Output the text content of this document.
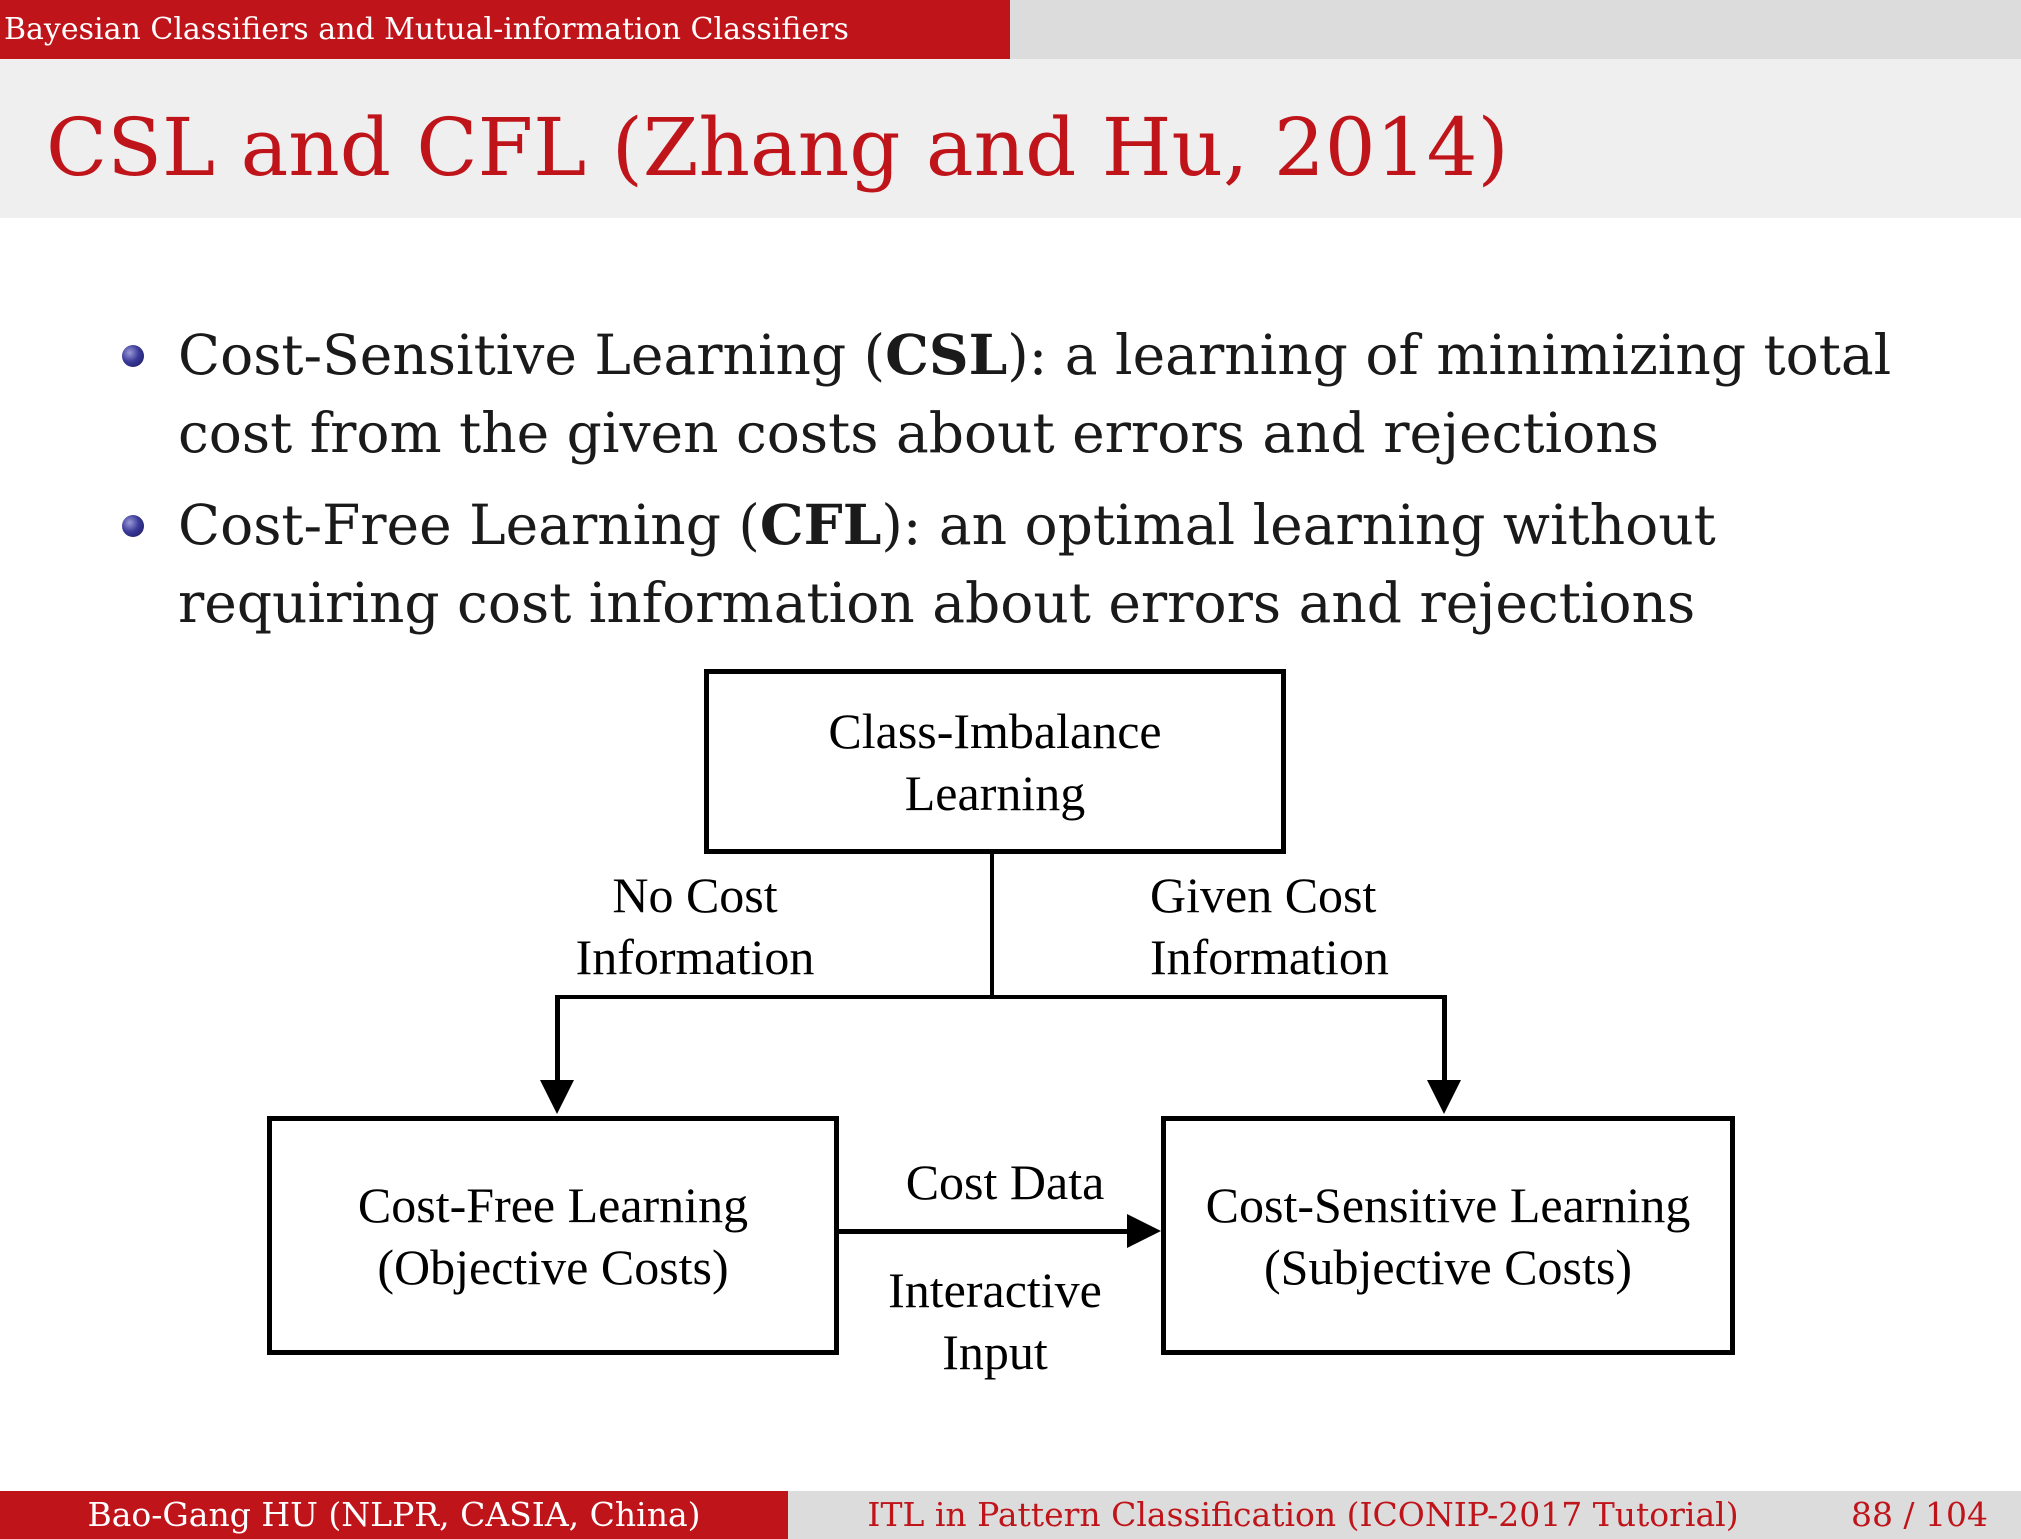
Bayesian Classifiers and Mutual-information Classifiers
CSL and CFL (Zhang and Hu, 2014)
Cost-Sensitive Learning (CSL): a learning of minimizing total cost from the given costs about errors and rejections
Cost-Free Learning (CFL): an optimal learning without requiring cost information about errors and rejections
Class-Imbalance
Learning
No Cost
Information
Given Cost
Information
Cost-Free Learning
(Objective Costs)
Cost-Sensitive Learning
(Subjective Costs)
Cost Data
Interactive
Input
Bao-Gang HU (NLPR, CASIA, China)	ITL in Pattern Classification (ICONIP-2017 Tutorial)	88 / 104
